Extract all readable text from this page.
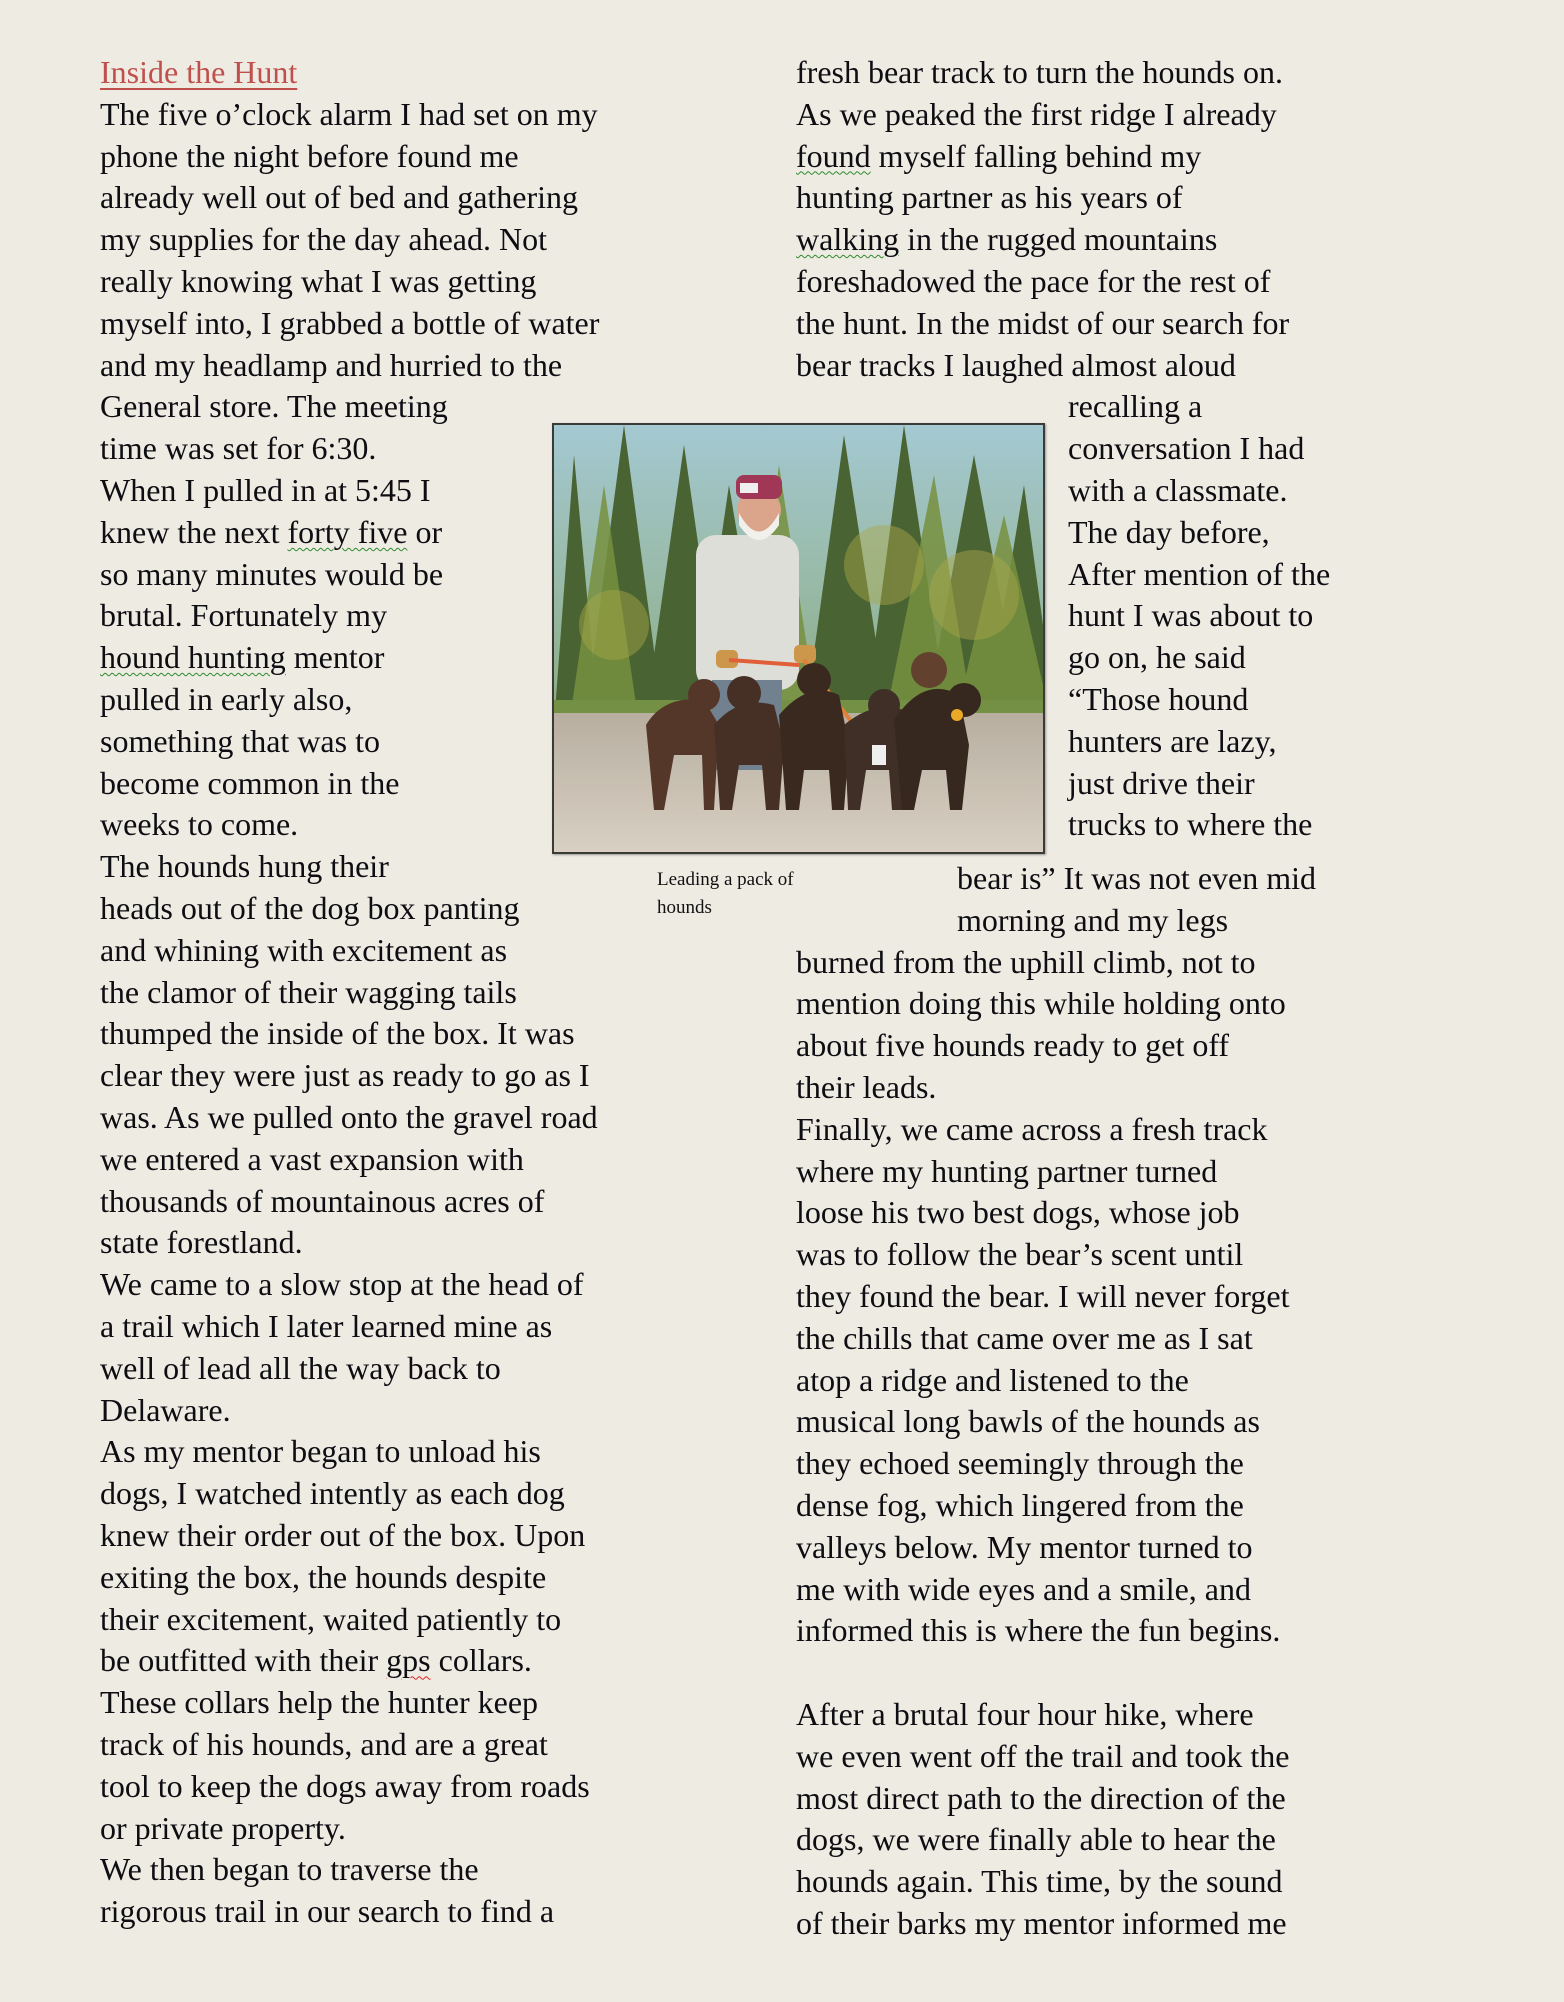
Inside the Hunt
The five o’clock alarm I had set on my
phone the night before found me
already well out of bed and gathering
my supplies for the day ahead. Not
really knowing what I was getting
myself into, I grabbed a bottle of water
and my headlamp and hurried to the
General store. The meeting
time was set for 6:30.
When I pulled in at 5:45 I
knew the next forty five or
so many minutes would be
brutal. Fortunately my
hound hunting mentor
pulled in early also,
something that was to
become common in the
weeks to come.
The hounds hung their
heads out of the dog box panting
and whining with excitement as
the clamor of their wagging tails
thumped the inside of the box. It was
clear they were just as ready to go as I
was. As we pulled onto the gravel road
we entered a vast expansion with
thousands of mountainous acres of
state forestland.
We came to a slow stop at the head of
a trail which I later learned mine as
well of lead all the way back to
Delaware.
As my mentor began to unload his
dogs, I watched intently as each dog
knew their order out of the box. Upon
exiting the box, the hounds despite
their excitement, waited patiently to
be outfitted with their gps collars.
These collars help the hunter keep
track of his hounds, and are a great
tool to keep the dogs away from roads
or private property.
We then began to traverse the
rigorous trail in our search to find a
fresh bear track to turn the hounds on.
As we peaked the first ridge I already
found myself falling behind my
hunting partner as his years of
walking in the rugged mountains
foreshadowed the pace for the rest of
the hunt. In the midst of our search for
bear tracks I laughed almost aloud
recalling a
conversation I had
with a classmate.
The day before,
After mention of the
hunt I was about to
go on, he said
“Those hound
hunters are lazy,
just drive their
trucks to where the
bear is” It was not even mid
morning and my legs
burned from the uphill climb, not to
mention doing this while holding onto
about five hounds ready to get off
their leads.
Finally, we came across a fresh track
where my hunting partner turned
loose his two best dogs, whose job
was to follow the bear’s scent until
they found the bear. I will never forget
the chills that came over me as I sat
atop a ridge and listened to the
musical long bawls of the hounds as
they echoed seemingly through the
dense fog, which lingered from the
valleys below. My mentor turned to
me with wide eyes and a smile, and
informed this is where the fun begins.
After a brutal four hour hike, where
we even went off the trail and took the
most direct path to the direction of the
dogs, we were finally able to hear the
hounds again. This time, by the sound
of their barks my mentor informed me
Leading a pack of
hounds
